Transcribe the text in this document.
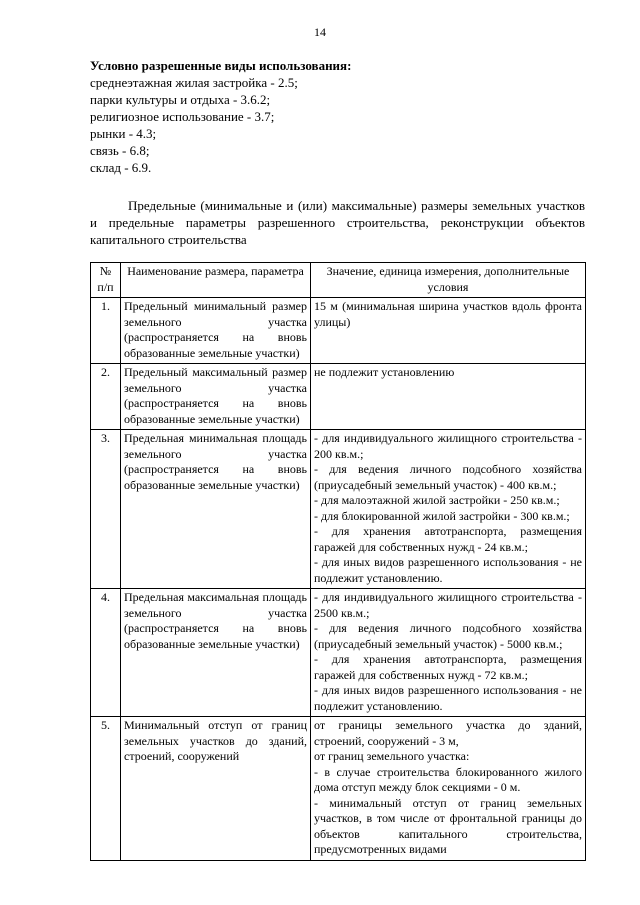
14
Условно разрешенные виды использования:
среднеэтажная жилая застройка - 2.5;
парки культуры и отдыха - 3.6.2;
религиозное использование - 3.7;
рынки - 4.3;
связь - 6.8;
склад - 6.9.
Предельные (минимальные и (или) максимальные) размеры земельных участков и предельные параметры разрешенного строительства, реконструкции объектов капитального строительства
№ п/п	Наименование размера, параметра	Значение, единица измерения, дополнительные условия
1.	Предельный минимальный размер земельного участка (распространяется на вновь образованные земельные участки)	15 м (минимальная ширина участков вдоль фронта улицы)

2.	Предельный максимальный размер земельного участка (распространяется на вновь образованные земельные участки)	не подлежит установлению

3.	Предельная минимальная площадь земельного участка (распространяется на вновь образованные земельные участки)	
- для индивидуального жилищного строительства - 200 кв.м.;
- для ведения личного подсобного хозяйства (приусадебный земельный участок) - 400 кв.м.;
- для малоэтажной жилой застройки - 250 кв.м.;
- для блокированной жилой застройки - 300 кв.м.;
- для хранения автотранспорта, размещения гаражей для собственных нужд - 24 кв.м.;
- для иных видов разрешенного использования - не подлежит установлению.

4.	Предельная максимальная площадь земельного участка (распространяется на вновь образованные земельные участки)	- для индивидуального жилищного строительства - 2500 кв.м.;
- для ведения личного подсобного хозяйства (приусадебный земельный участок) - 5000 кв.м.;
- для хранения автотранспорта, размещения гаражей для собственных нужд - 72 кв.м.;
- для иных видов разрешенного использования - не подлежит установлению.

5.	Минимальный отступ от границ земельных участков до зданий, строений, сооружений	от границы земельного участка до зданий, строений, сооружений - 3 м,
от границ земельного участка:
- в случае строительства блокированного жилого дома отступ между блок секциями - 0 м.
- минимальный отступ от границ земельных участков, в том числе от фронтальной границы до объектов капитального строительства, предусмотренных видами
